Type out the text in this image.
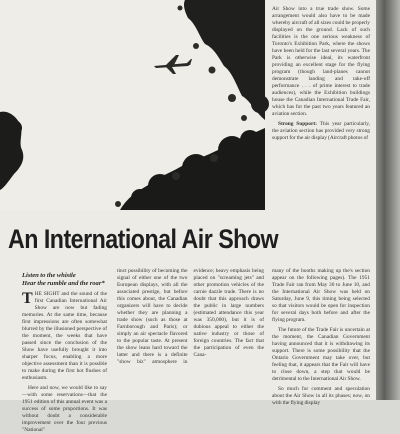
Air Show into a true trade show. Some arrangement would also have to be made whereby aircraft of all sizes could be properly displayed on the ground. Lack of such facilities is the one serious weakness of Toronto's Exhibition Park, where the shows have been held for the last several years. The Park is otherwise ideal, its waterfront providing an excellent stage for the flying program (though land-planes cannot demonstrate landing and take-off performance . . . of prime interest to trade audiences), while the Exhibition buildings house the Canadian International Trade Fair, which has for the past two years featured an aviation section.

Strong Support: This year particularly, the aviation section has provided very strong support for the air display (Aircraft photos of

An International Air Show
Listen to the whistle
Hear the rumble and the roar*

THE SIGHT and the sound of the first Canadian International Air Show are now but fading memories. At the same time, because first impressions are often somewhat blurred by the illusioned perspective of the moment, the weeks that have passed since the conclusion of the Show have usefully brought it into sharper focus, enabling a more objective assessment than it is possible to make during the first hot flushes of enthusiasm.

Here and now, we would like to say—with some reservations—that the 1951 edition of this annual event was a success of some proportions. It was without doubt a considerable improvement over the four previous "National"

tinct possibility of becoming the signal of either one of the two European displays, with all the associated prestige, but before this comes about, the Canadian organizers will have to decide whether they are planning a trade show (such as those at Farnborough and Paris); or simply an air spectacle flavored to the popular taste. At present the show leans hard toward the latter and there is a definite "show biz" atmosphere in evidence; heavy emphasis being placed on "screaming jets" and other promotion vehicles of the carnie dazzle trade. There is no doubt that this approach draws the public in large numbers (estimated attendance this year was 350,000), but it is of dubious appeal to either the native industry or those of foreign countries. The fact that the participation of even the Cana-

many of the booths making up the's section appear on the following pages). The 1951 Trade Fair ran from May 30 to June 10, and the International Air Show was held on Saturday, June 9, this timing being selected so that visitors would be open for inspection for several days both before and after the flying program.

The future of the Trade Fair is uncertain at the moment, the Canadian Government having announced that it is withdrawing its support. There is some possibility that the Ontario Government may take over, but feeling that, it appears that the Fair will have to close down, a step that would be detrimental to the International Air Show.

So much for comment and speculation about the Air Show in all its phases; now, on with the flying display
